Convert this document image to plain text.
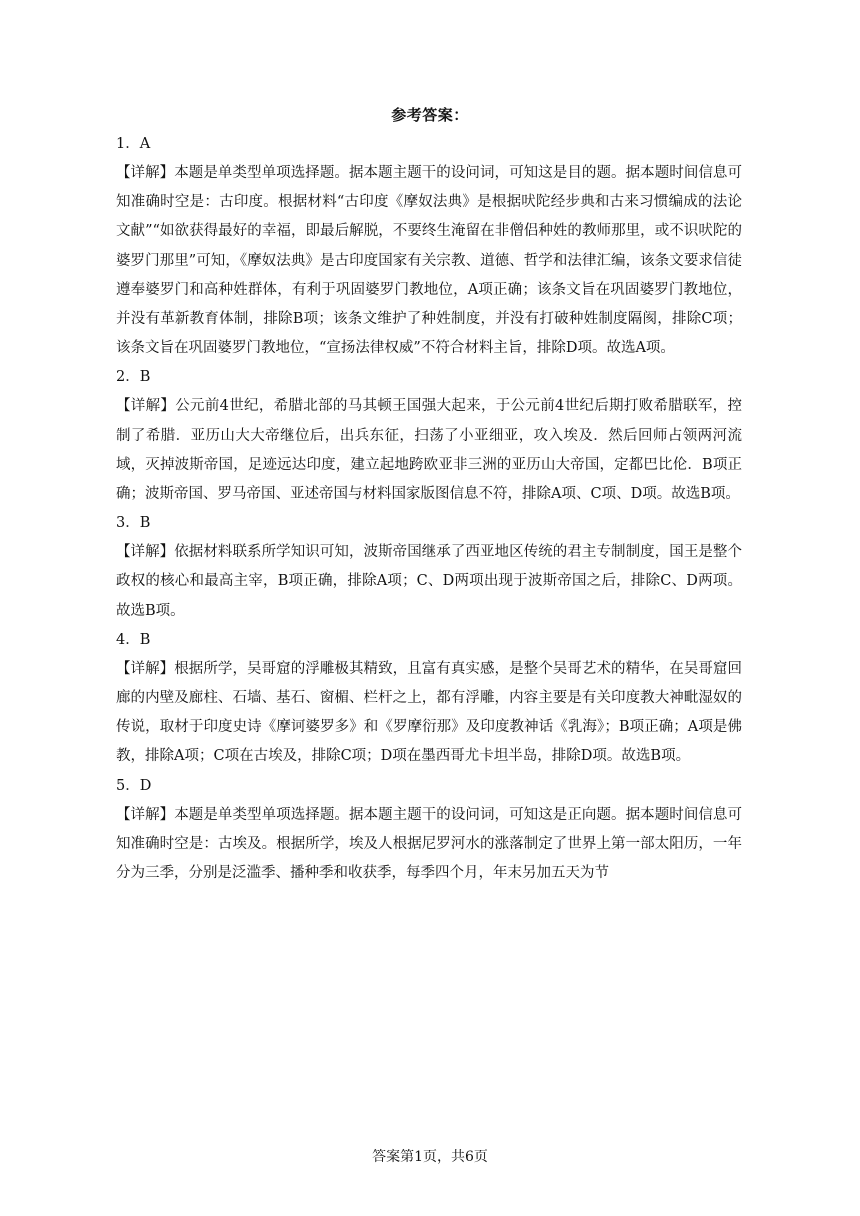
参考答案：

1．A

【详解】本题是单类型单项选择题。据本题主题干的设问词，可知这是目的题。据本题时间信息可知准确时空是：古印度。根据材料“古印度《摩奴法典》是根据吠陀经步典和古来习惯编成的法论文献”“如欲获得最好的幸福，即最后解脱，不要终生淹留在非僧侣种姓的教师那里，或不识吠陀的婆罗门那里”可知，《摩奴法典》是古印度国家有关宗教、道德、哲学和法律汇编，该条文要求信徒遵奉婆罗门和高种姓群体，有利于巩固婆罗门教地位，A项正确；该条文旨在巩固婆罗门教地位，并没有革新教育体制，排除B项；该条文维护了种姓制度，并没有打破种姓制度隔阂，排除C项；该条文旨在巩固婆罗门教地位，“宣扬法律权威”不符合材料主旨，排除D项。故选A项。

2．B

【详解】公元前4世纪，希腊北部的马其顿王国强大起来，于公元前4世纪后期打败希腊联军，控制了希腊．亚历山大大帝继位后，出兵东征，扫荡了小亚细亚，攻入埃及．然后回师占领两河流域，灭掉波斯帝国，足迹远达印度，建立起地跨欧亚非三洲的亚历山大帝国，定都巴比伦．B项正确；波斯帝国、罗马帝国、亚述帝国与材料国家版图信息不符，排除A项、C项、D项。故选B项。

3．B

【详解】依据材料联系所学知识可知，波斯帝国继承了西亚地区传统的君主专制制度，国王是整个政权的核心和最高主宰，B项正确，排除A项；C、D两项出现于波斯帝国之后，排除C、D两项。故选B项。

4．B

【详解】根据所学，吴哥窟的浮雕极其精致，且富有真实感，是整个吴哥艺术的精华，在吴哥窟回廊的内壁及廊柱、石墙、基石、窗楣、栏杆之上，都有浮雕，内容主要是有关印度教大神毗湿奴的传说，取材于印度史诗《摩诃婆罗多》和《罗摩衍那》及印度教神话《乳海》；B项正确；A项是佛教，排除A项；C项在古埃及，排除C项；D项在墨西哥尤卡坦半岛，排除D项。故选B项。

5．D

【详解】本题是单类型单项选择题。据本题主题干的设问词，可知这是正向题。据本题时间信息可知准确时空是：古埃及。根据所学，埃及人根据尼罗河水的涨落制定了世界上第一部太阳历，一年分为三季，分别是泛滥季、播种季和收获季，每季四个月，年末另加五天为节

答案第1页，共6页
